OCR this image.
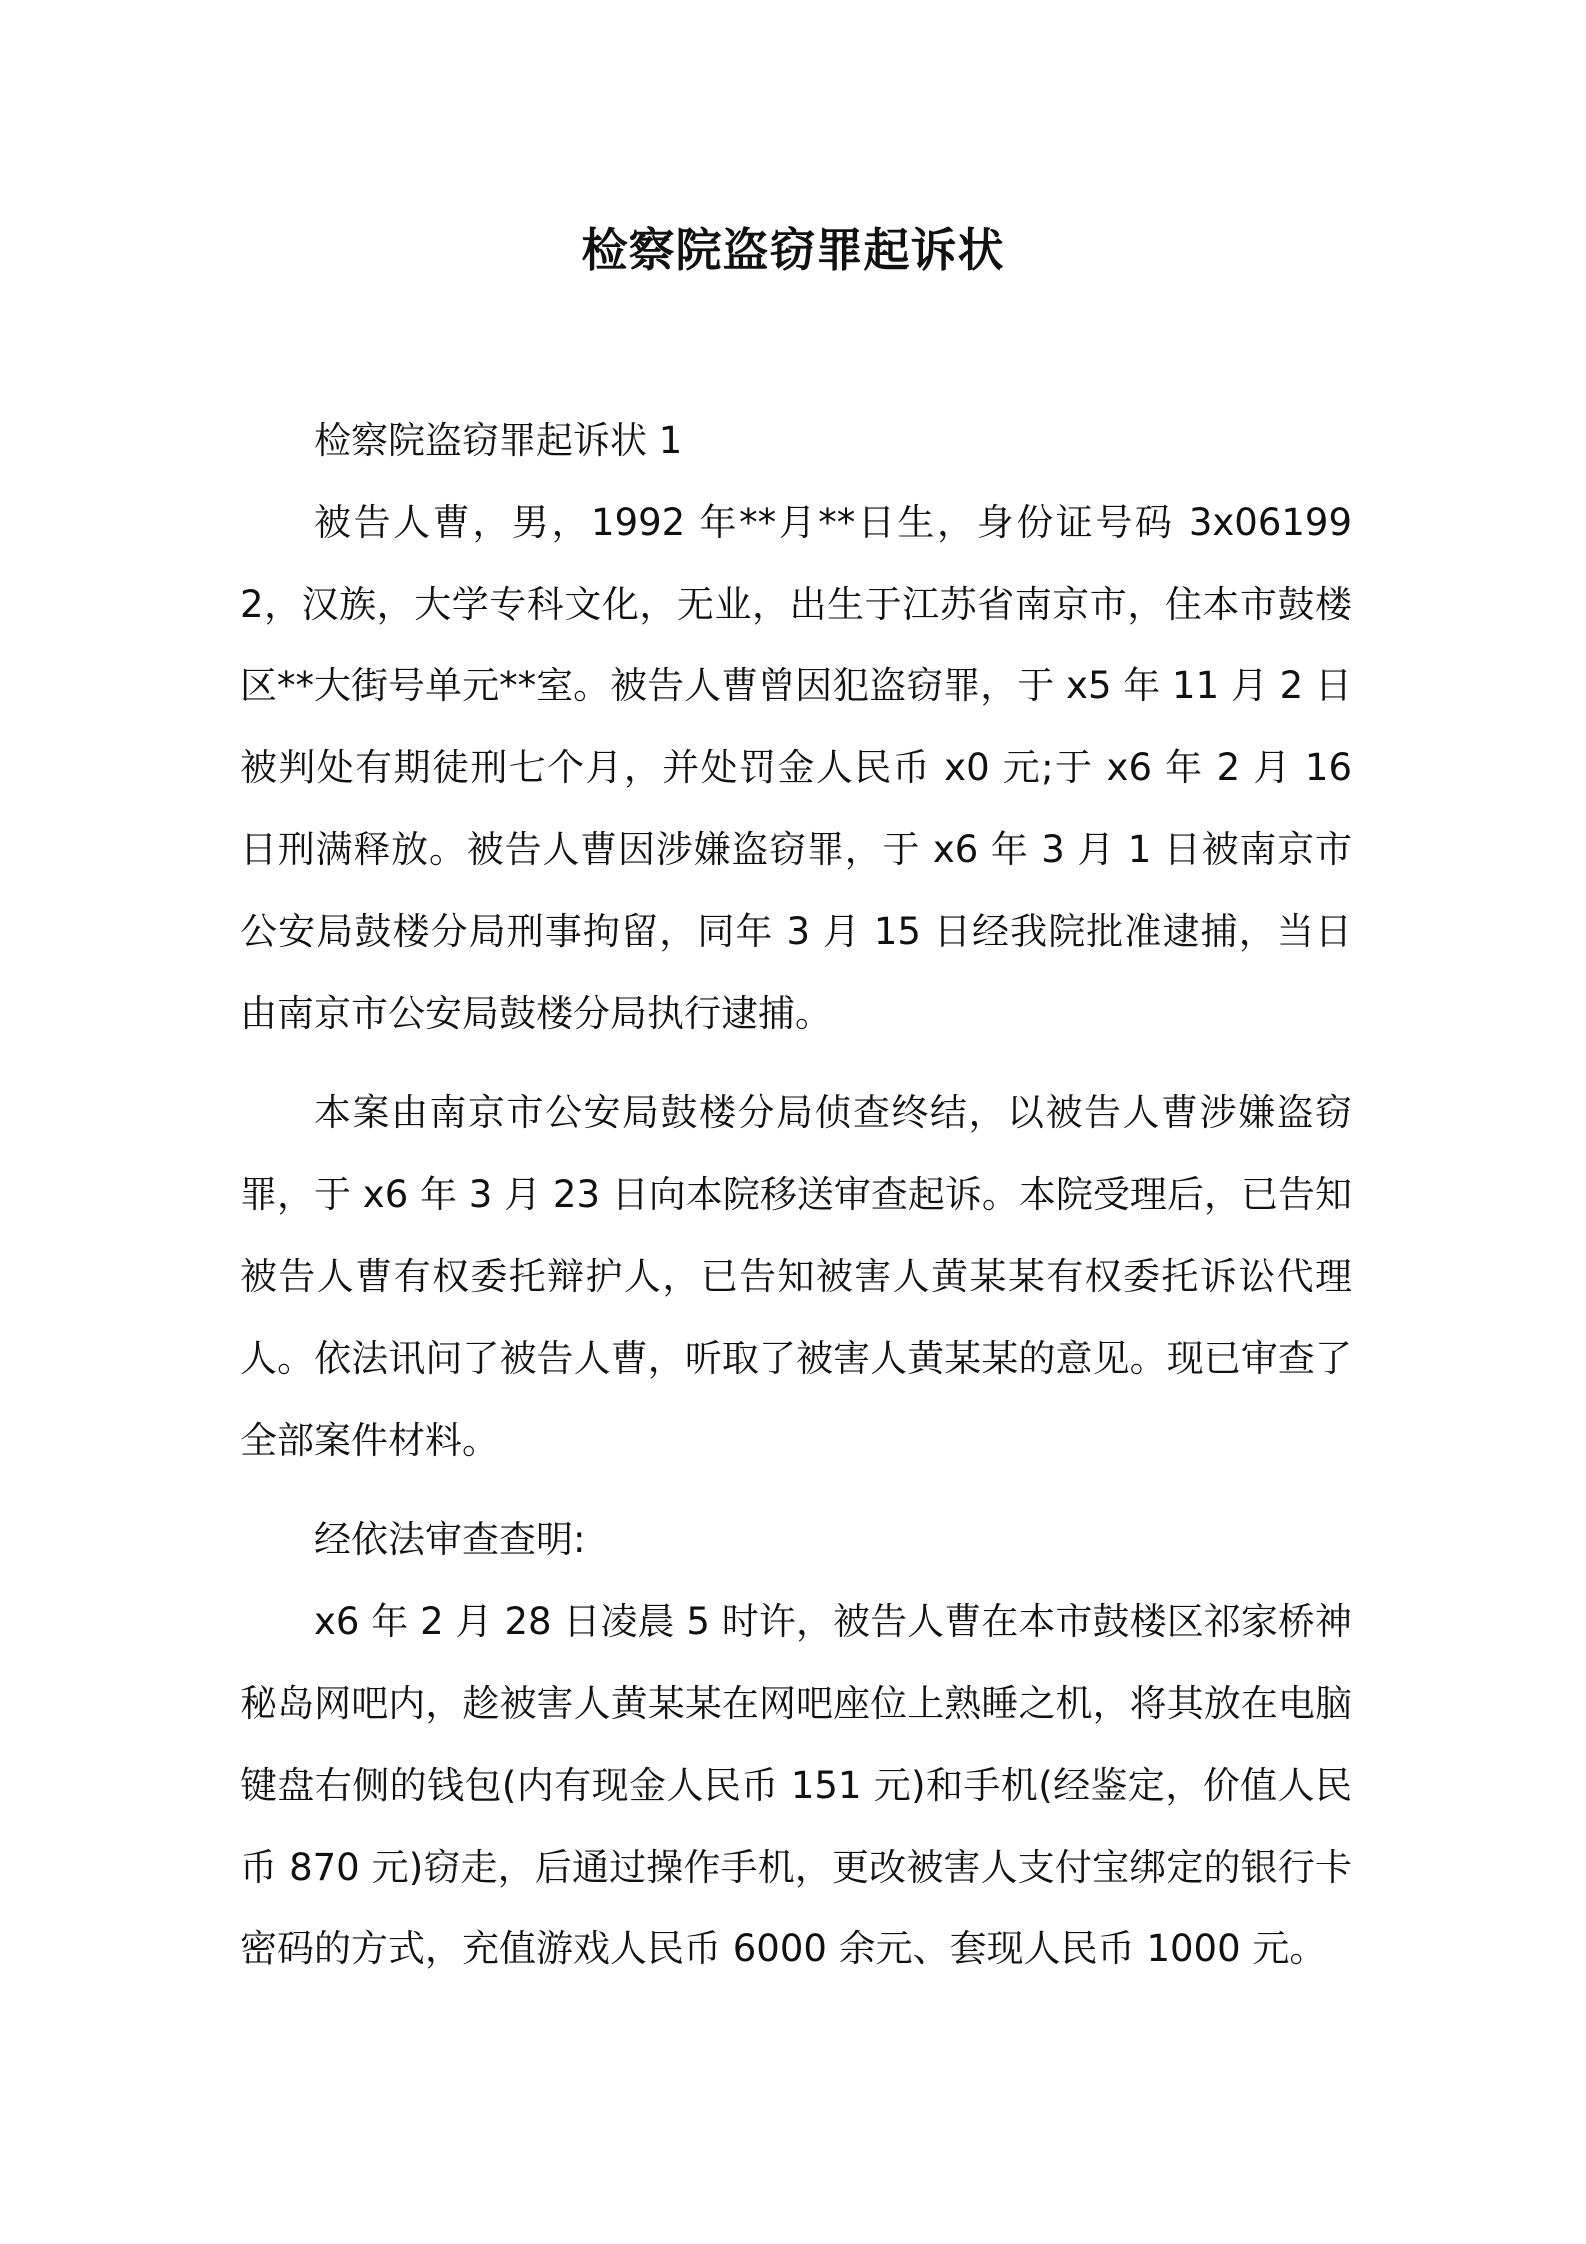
检察院盗窃罪起诉状

检察院盗窃罪起诉状 1

被告人曹，男，1992 年**月**日生，身份证号码 3x061992，汉族，大学专科文化，无业，出生于江苏省南京市，住本市鼓楼区**大街号单元**室。被告人曹曾因犯盗窃罪，于 x5 年 11 月 2 日被判处有期徒刑七个月，并处罚金人民币 x0 元;于 x6 年 2 月 16 日刑满释放。被告人曹因涉嫌盗窃罪，于 x6 年 3 月 1 日被南京市公安局鼓楼分局刑事拘留，同年 3 月 15 日经我院批准逮捕，当日由南京市公安局鼓楼分局执行逮捕。

本案由南京市公安局鼓楼分局侦查终结，以被告人曹涉嫌盗窃罪，于 x6 年 3 月 23 日向本院移送审查起诉。本院受理后，已告知被告人曹有权委托辩护人，已告知被害人黄某某有权委托诉讼代理人。依法讯问了被告人曹，听取了被害人黄某某的意见。现已审查了全部案件材料。

经依法审查查明:

x6 年 2 月 28 日凌晨 5 时许，被告人曹在本市鼓楼区祁家桥神秘岛网吧内，趁被害人黄某某在网吧座位上熟睡之机，将其放在电脑键盘右侧的钱包(内有现金人民币 151 元)和手机(经鉴定，价值人民币 870 元)窃走，后通过操作手机，更改被害人支付宝绑定的银行卡密码的方式，充值游戏人民币 6000 余元、套现人民币 1000 元。
